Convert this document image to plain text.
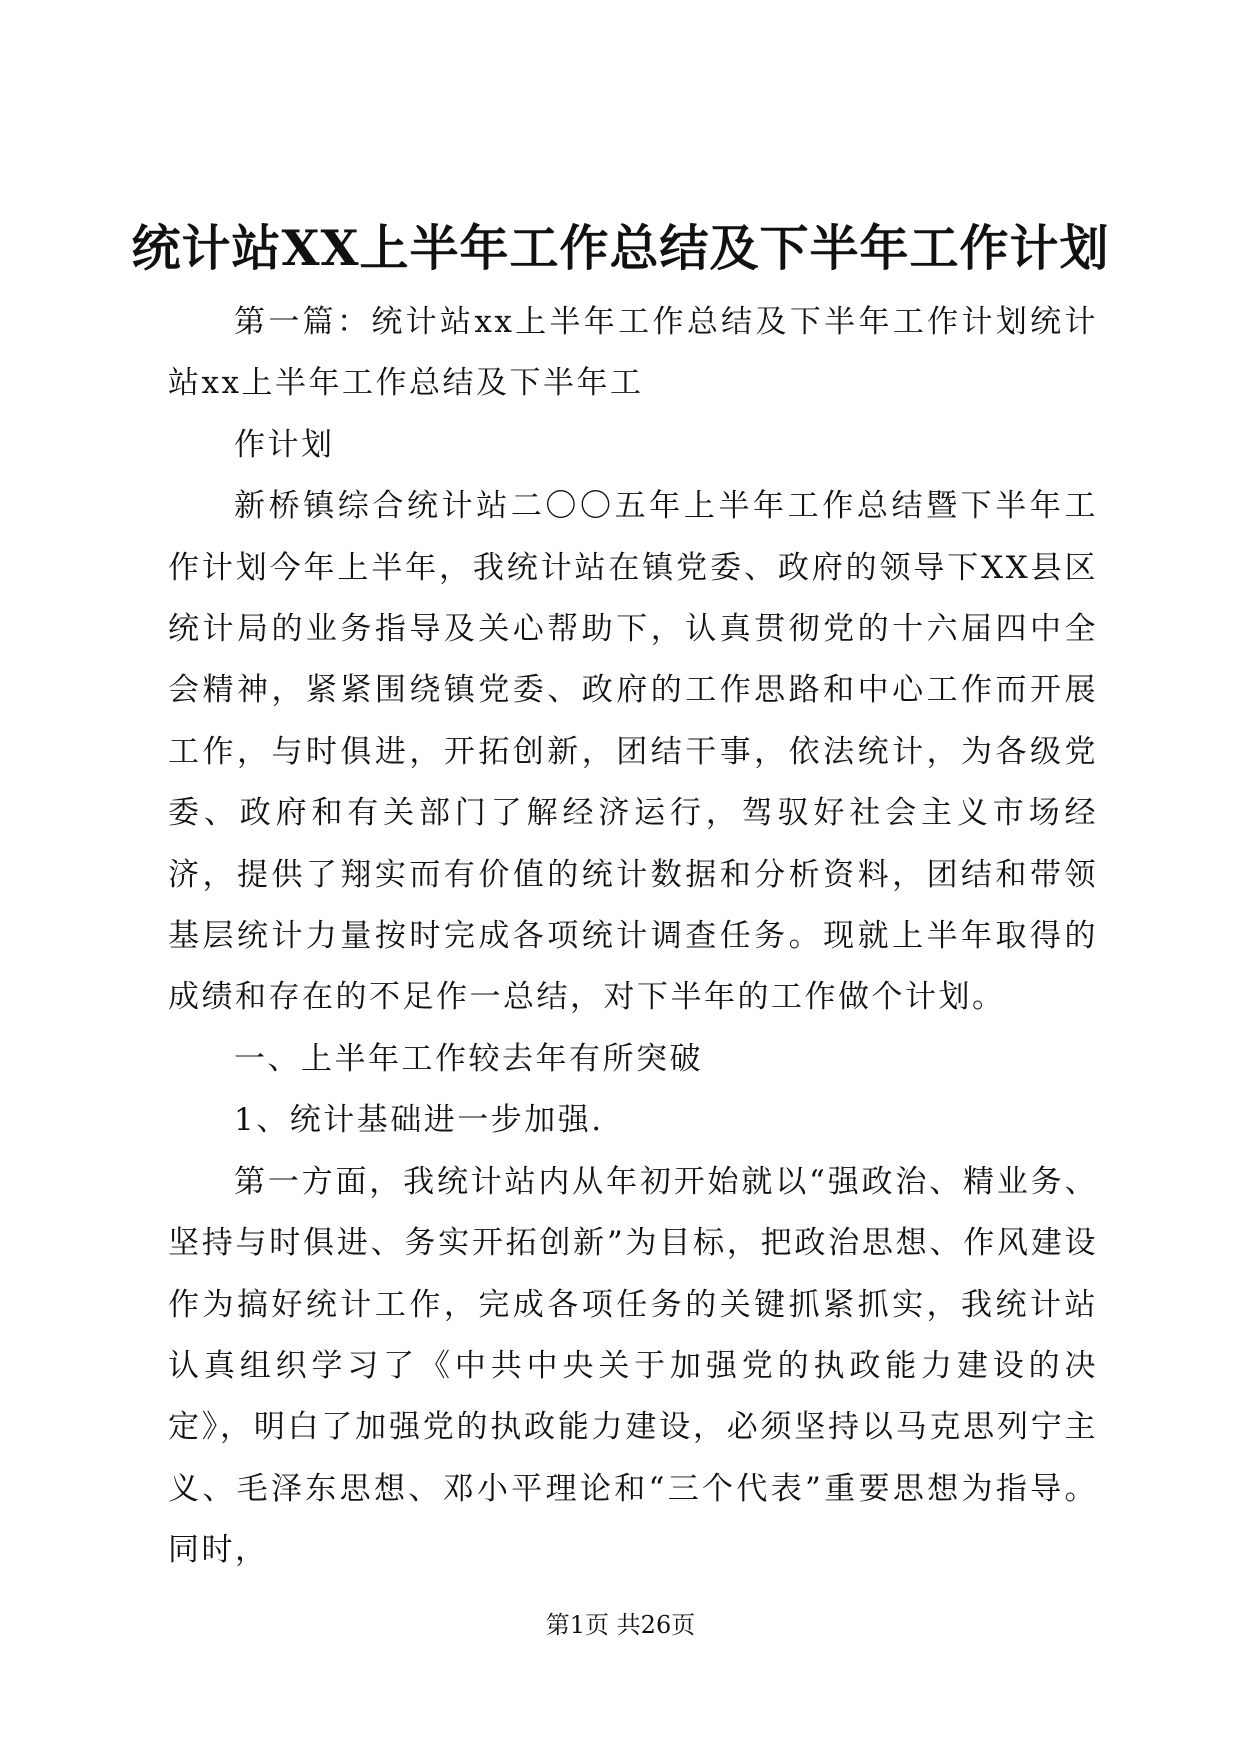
统计站XX上半年工作总结及下半年工作计划

第一篇：统计站xx上半年工作总结及下半年工作计划统计站xx上半年工作总结及下半年工

作计划

新桥镇综合统计站二〇〇五年上半年工作总结暨下半年工作计划今年上半年，我统计站在镇党委、政府的领导下XX县区统计局的业务指导及关心帮助下，认真贯彻党的十六届四中全会精神，紧紧围绕镇党委、政府的工作思路和中心工作而开展工作，与时俱进，开拓创新，团结干事，依法统计，为各级党委、政府和有关部门了解经济运行，驾驭好社会主义市场经济，提供了翔实而有价值的统计数据和分析资料，团结和带领基层统计力量按时完成各项统计调查任务。现就上半年取得的成绩和存在的不足作一总结，对下半年的工作做个计划。

一、上半年工作较去年有所突破

1、统计基础进一步加强.

第一方面，我统计站内从年初开始就以“强政治、精业务、坚持与时俱进、务实开拓创新”为目标，把政治思想、作风建设作为搞好统计工作，完成各项任务的关键抓紧抓实，我统计站认真组织学习了《中共中央关于加强党的执政能力建设的决定》，明白了加强党的执政能力建设，必须坚持以马克思列宁主义、毛泽东思想、邓小平理论和“三个代表”重要思想为指导。同时，

第1页 共26页
